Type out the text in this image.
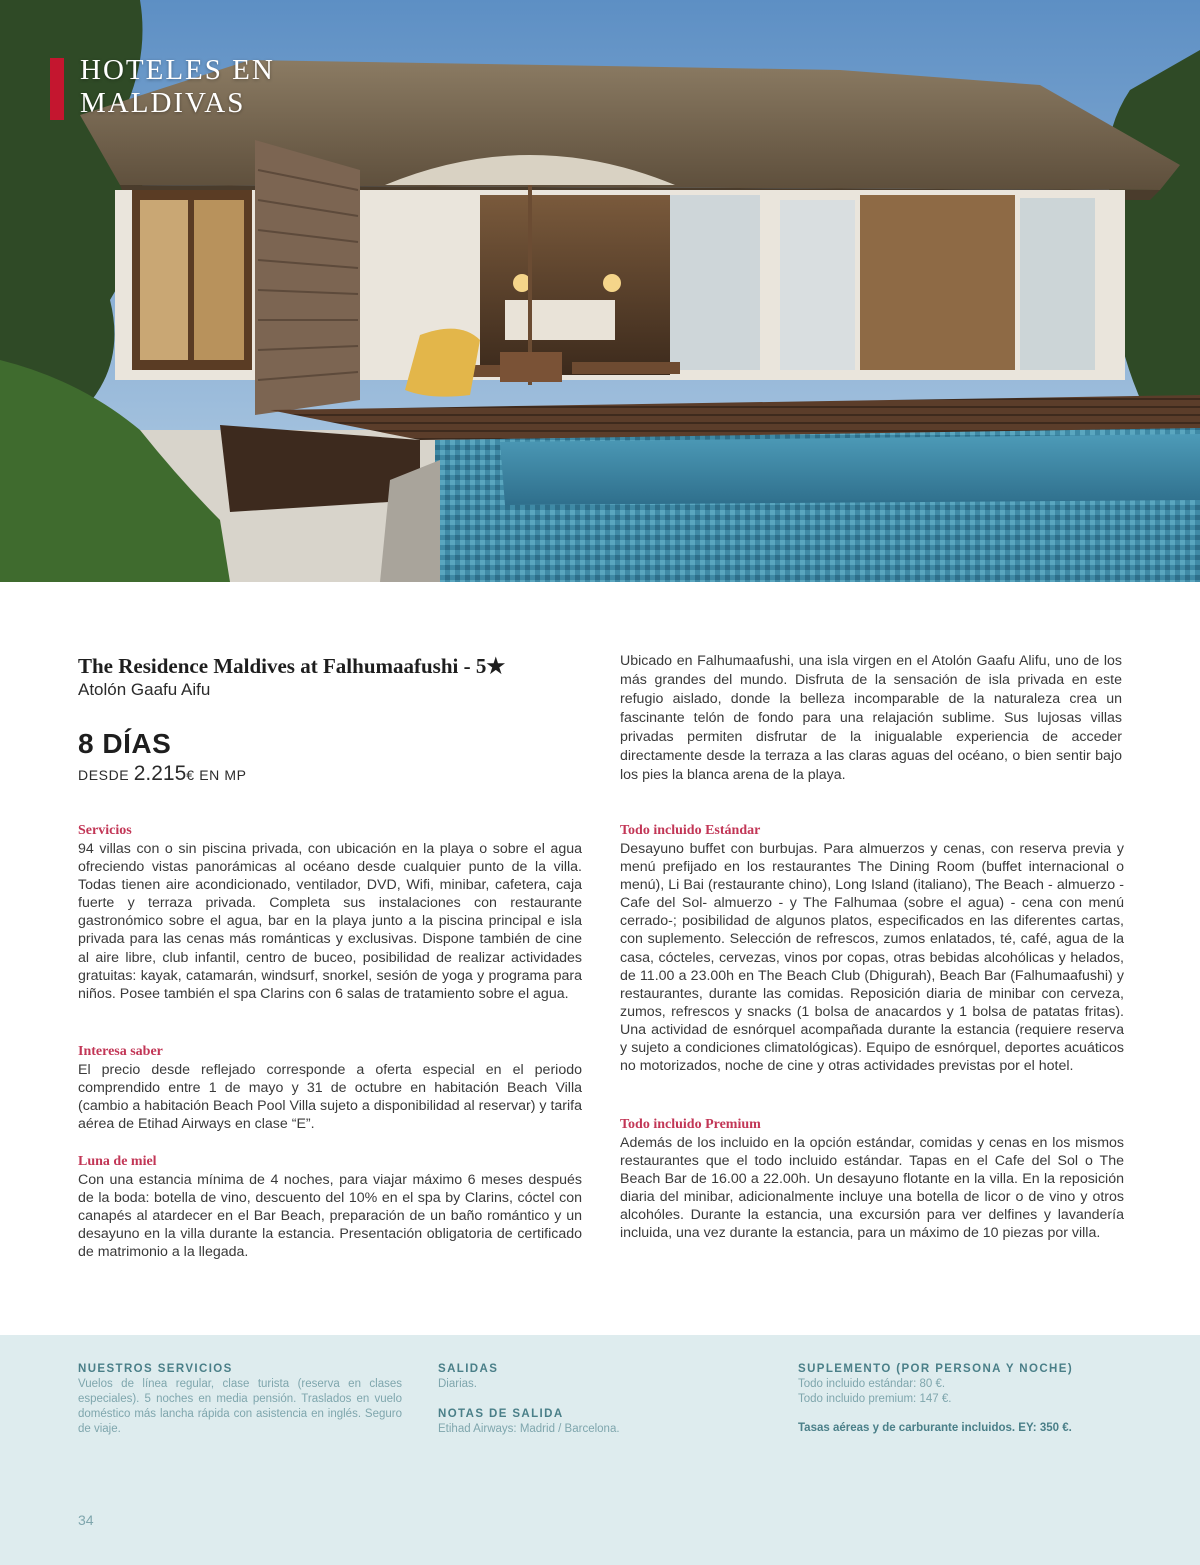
HOTELES EN
MALDIVAS
The Residence Maldives at Falhumaafushi - 5★
Atolón Gaafu Aifu
8 DÍAS
DESDE 2.215€ EN MP
Ubicado en Falhumaafushi, una isla virgen en el Atolón Gaafu Alifu, uno de los más grandes del mundo. Disfruta de la sensación de isla privada en este refugio aislado, donde la belleza incomparable de la naturaleza crea un fascinante telón de fondo para una relajación sublime. Sus lujosas villas privadas permiten disfrutar de la inigualable experiencia de acceder directamente desde la terraza a las claras aguas del océano, o bien sentir bajo los pies la blanca arena de la playa.
Servicios

94 villas con o sin piscina privada, con ubicación en la playa o sobre el agua ofreciendo vistas panorámicas al océano desde cualquier punto de la villa. Todas tienen aire acondicionado, ventilador, DVD, Wifi, minibar, cafetera, caja fuerte y terraza privada. Completa sus instalaciones con restaurante gastronómico sobre el agua, bar en la playa junto a la piscina principal e isla privada para las cenas más románticas y exclusivas. Dispone también de cine al aire libre, club infantil, centro de buceo, posibilidad de realizar actividades gratuitas: kayak, catamarán, windsurf, snorkel, sesión de yoga y programa para niños. Posee también el spa Clarins con 6 salas de tratamiento sobre el agua.

Interesa saber

El precio desde reflejado corresponde a oferta especial en el periodo comprendido entre 1 de mayo y 31 de octubre en habitación Beach Villa (cambio a habitación Beach Pool Villa sujeto a disponibilidad al reservar) y tarifa aérea de Etihad Airways en clase “E”.

Luna de miel

Con una estancia mínima de 4 noches, para viajar máximo 6 meses después de la boda: botella de vino, descuento del 10% en el spa by Clarins, cóctel con canapés al atardecer en el Bar Beach, preparación de un baño romántico y un desayuno en la villa durante la estancia. Presentación obligatoria de certificado de matrimonio a la llegada.

Todo incluido Estándar

Desayuno buffet con burbujas. Para almuerzos y cenas, con reserva previa y menú prefijado en los restaurantes The Dining Room (buffet internacional o menú), Li Bai (restaurante chino), Long Island (italiano), The Beach - almuerzo - Cafe del Sol- almuerzo - y The Falhumaa (sobre el agua) - cena con menú cerrado-; posibilidad de algunos platos, especificados en las diferentes cartas, con suplemento. Selección de refrescos, zumos enlatados, té, café, agua de la casa, cócteles, cervezas, vinos por copas, otras bebidas alcohólicas y helados, de 11.00 a 23.00h en The Beach Club (Dhigurah), Beach Bar (Falhumaafushi) y restaurantes, durante las comidas. Reposición diaria de minibar con cerveza, zumos, refrescos y snacks (1 bolsa de anacardos y 1 bolsa de patatas fritas). Una actividad de esnórquel acompañada durante la estancia (requiere reserva y sujeto a condiciones climatológicas). Equipo de esnórquel, deportes acuáticos no motorizados, noche de cine y otras actividades previstas por el hotel.

Todo incluido Premium

Además de los incluido en la opción estándar, comidas y cenas en los mismos restaurantes que el todo incluido estándar. Tapas en el Cafe del Sol o The Beach Bar de 16.00 a 22.00h. Un desayuno flotante en la villa. En la reposición diaria del minibar, adicionalmente incluye una botella de licor o de vino y otros alcohóles. Durante la estancia, una excursión para ver delfines y lavandería incluida, una vez durante la estancia, para un máximo de 10 piezas por villa.

NUESTROS SERVICIOS

Vuelos de línea regular, clase turista (reserva en clases especiales). 5 noches en media pensión. Traslados en vuelo doméstico más lancha rápida con asistencia en inglés. Seguro de viaje.

SALIDAS

Diarias.

NOTAS DE SALIDA

Etihad Airways: Madrid / Barcelona.

SUPLEMENTO (POR PERSONA Y NOCHE)

Todo incluido estándar: 80 €.

Todo incluido premium: 147 €.

Tasas aéreas y de carburante incluidos. EY: 350 €.

34
